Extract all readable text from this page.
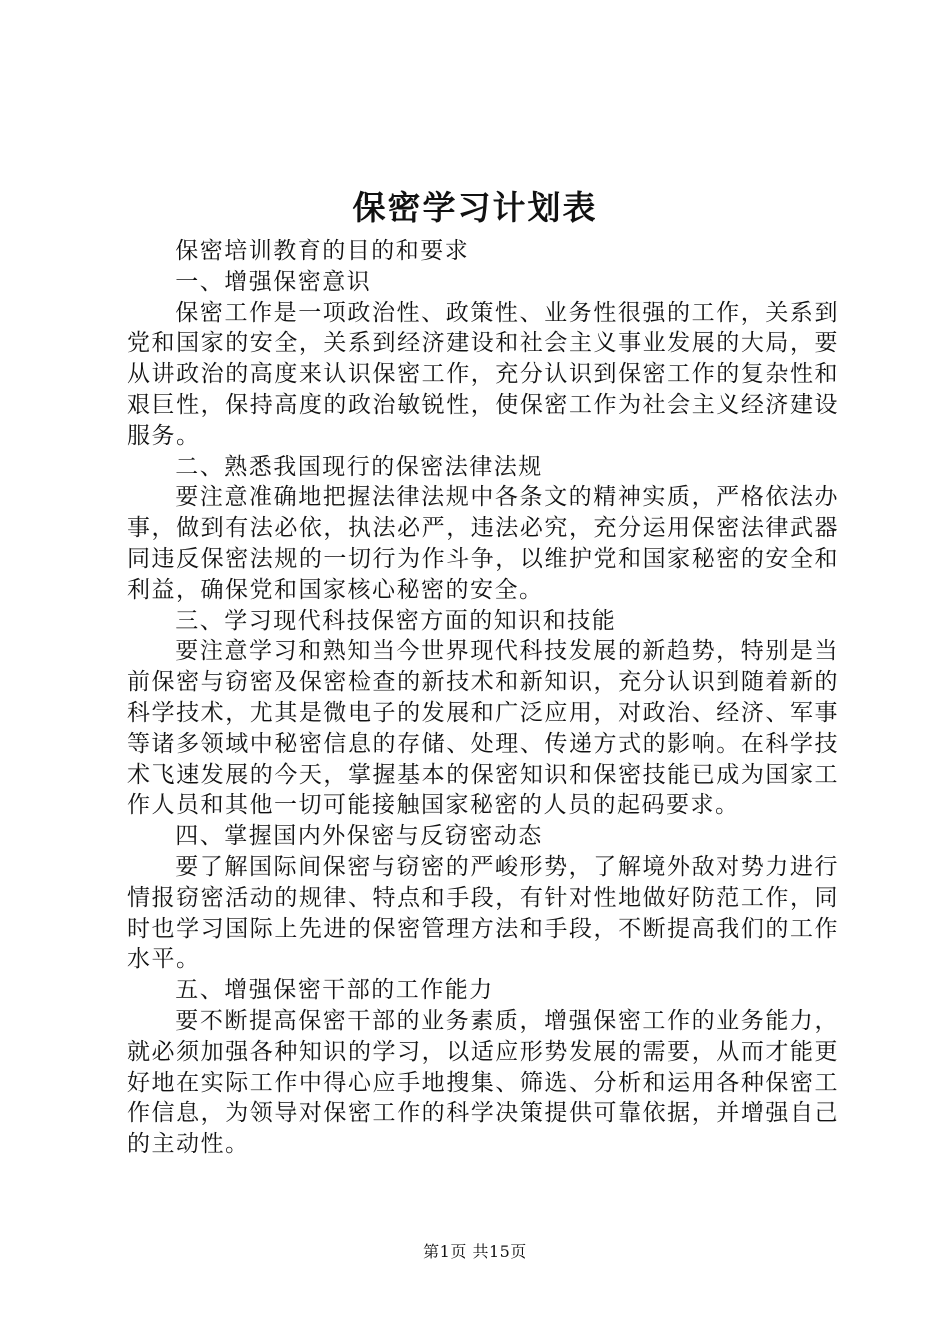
保密学习计划表

保密培训教育的目的和要求

一、增强保密意识

保密工作是一项政治性、政策性、业务性很强的工作，关系到党和国家的安全，关系到经济建设和社会主义事业发展的大局，要从讲政治的高度来认识保密工作，充分认识到保密工作的复杂性和艰巨性，保持高度的政治敏锐性，使保密工作为社会主义经济建设服务。

二、熟悉我国现行的保密法律法规

要注意准确地把握法律法规中各条文的精神实质，严格依法办事，做到有法必依，执法必严，违法必究，充分运用保密法律武器同违反保密法规的一切行为作斗争，以维护党和国家秘密的安全和利益，确保党和国家核心秘密的安全。

三、学习现代科技保密方面的知识和技能

要注意学习和熟知当今世界现代科技发展的新趋势，特别是当前保密与窃密及保密检查的新技术和新知识，充分认识到随着新的科学技术，尤其是微电子的发展和广泛应用，对政治、经济、军事等诸多领域中秘密信息的存储、处理、传递方式的影响。在科学技术飞速发展的今天，掌握基本的保密知识和保密技能已成为国家工作人员和其他一切可能接触国家秘密的人员的起码要求。

四、掌握国内外保密与反窃密动态

要了解国际间保密与窃密的严峻形势，了解境外敌对势力进行情报窃密活动的规律、特点和手段，有针对性地做好防范工作，同时也学习国际上先进的保密管理方法和手段，不断提高我们的工作水平。

五、增强保密干部的工作能力

要不断提高保密干部的业务素质，增强保密工作的业务能力，就必须加强各种知识的学习，以适应形势发展的需要，从而才能更好地在实际工作中得心应手地搜集、筛选、分析和运用各种保密工作信息，为领导对保密工作的科学决策提供可靠依据，并增强自己的主动性。

第1页 共15页
